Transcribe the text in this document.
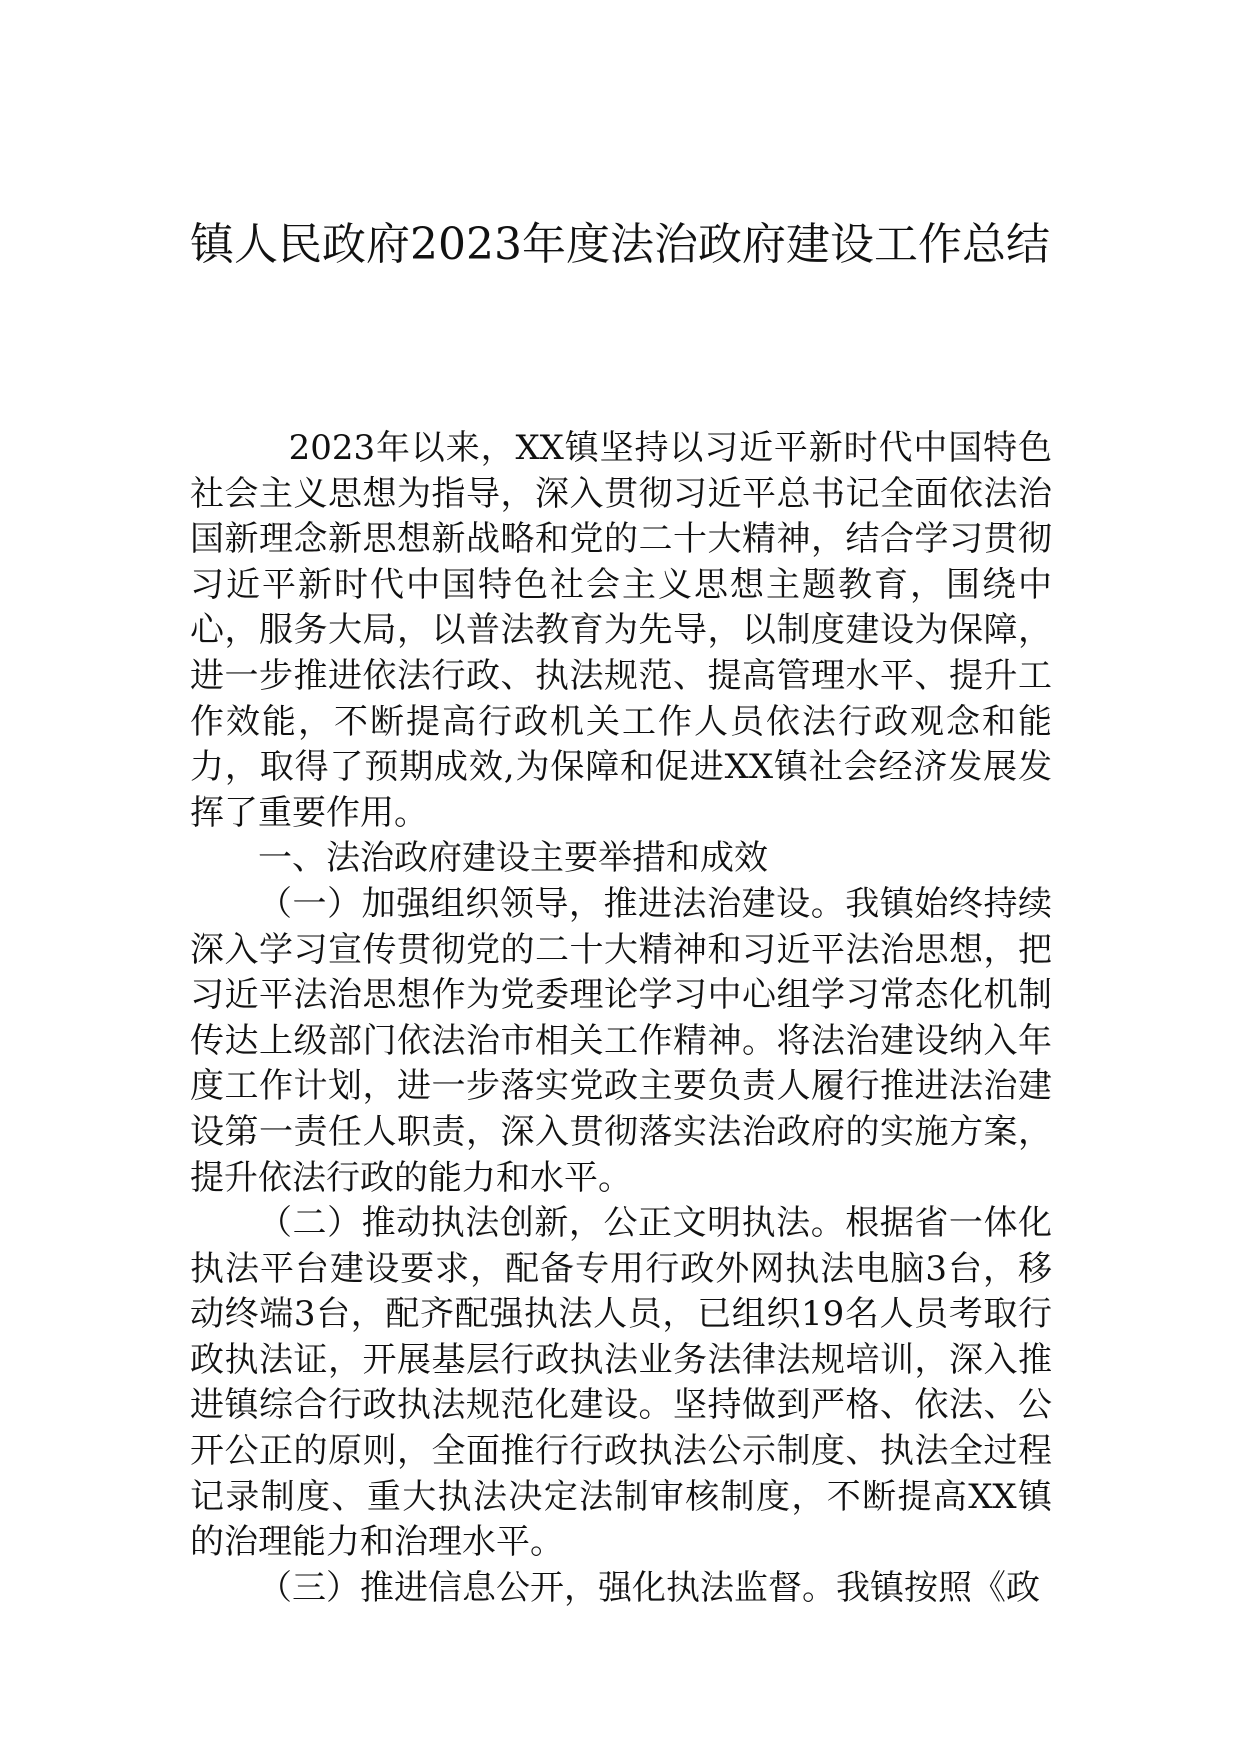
镇人民政府2023年度法治政府建设工作总结

2023年以来，XX镇坚持以习近平新时代中国特色社会主义思想为指导，深入贯彻习近平总书记全面依法治国新理念新思想新战略和党的二十大精神，结合学习贯彻习近平新时代中国特色社会主义思想主题教育，围绕中心，服务大局，以普法教育为先导，以制度建设为保障，进一步推进依法行政、执法规范、提高管理水平、提升工作效能，不断提高行政机关工作人员依法行政观念和能力，取得了预期成效,为保障和促进XX镇社会经济发展发挥了重要作用。

一、法治政府建设主要举措和成效

（一）加强组织领导，推进法治建设。我镇始终持续深入学习宣传贯彻党的二十大精神和习近平法治思想，把习近平法治思想作为党委理论学习中心组学习常态化机制传达上级部门依法治市相关工作精神。将法治建设纳入年度工作计划，进一步落实党政主要负责人履行推进法治建设第一责任人职责，深入贯彻落实法治政府的实施方案，提升依法行政的能力和水平。

（二）推动执法创新，公正文明执法。根据省一体化执法平台建设要求，配备专用行政外网执法电脑3台，移动终端3台，配齐配强执法人员，已组织19名人员考取行政执法证，开展基层行政执法业务法律法规培训，深入推进镇综合行政执法规范化建设。坚持做到严格、依法、公开公正的原则，全面推行行政执法公示制度、执法全过程记录制度、重大执法决定法制审核制度，不断提高XX镇的治理能力和治理水平。

（三）推进信息公开，强化执法监督。我镇按照《政
